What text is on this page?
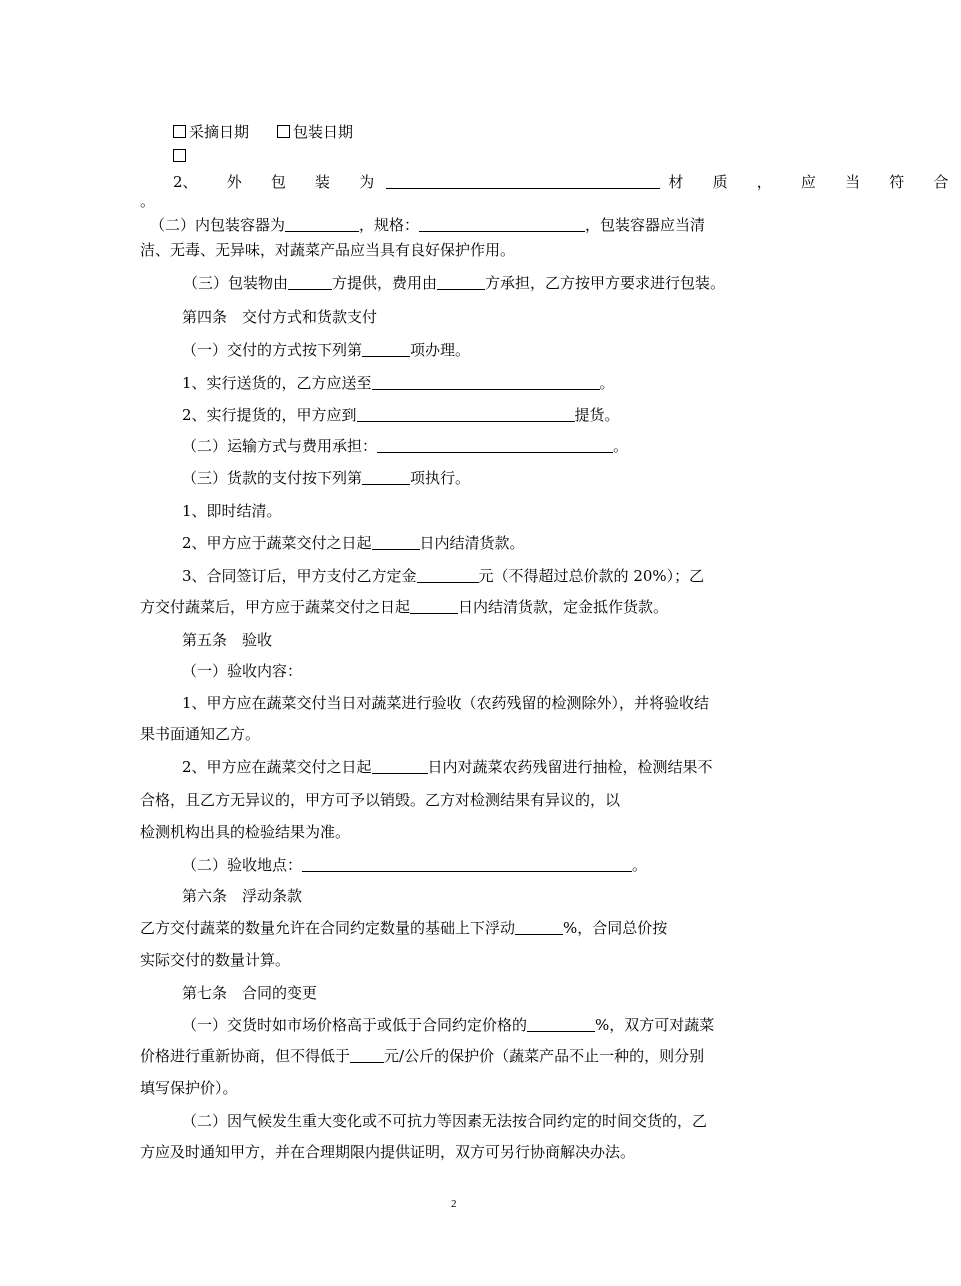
采摘日期	包装日期
2、 外 包 装 为	材 质 ， 应 当 符 合
。
（二）内包装容器为	，规格：	，包装容器应当清
洁、无毒、无异味，对蔬菜产品应当具有良好保护作用。
（三）包装物由	方提供，费用由	方承担，乙方按甲方要求进行包装。
第四条　交付方式和货款支付
（一）交付的方式按下列第	项办理。
1、实行送货的，乙方应送至	。
2、实行提货的，甲方应到	提货。
（二）运输方式与费用承担：	。
（三）货款的支付按下列第	项执行。
1、即时结清。
2、甲方应于蔬菜交付之日起	日内结清货款。
3、合同签订后，甲方支付乙方定金	元（不得超过总价款的 20%）；乙
方交付蔬菜后，甲方应于蔬菜交付之日起	日内结清货款，定金抵作货款。
第五条　验收
（一）验收内容：
1、甲方应在蔬菜交付当日对蔬菜进行验收（农药残留的检测除外），并将验收结
果书面通知乙方。
2、甲方应在蔬菜交付之日起	日内对蔬菜农药残留进行抽检，检测结果不
合格，且乙方无异议的，甲方可予以销毁。乙方对检测结果有异议的，以
检测机构出具的检验结果为准。
（二）验收地点：	。
第六条　浮动条款
乙方交付蔬菜的数量允许在合同约定数量的基础上下浮动	%，合同总价按
实际交付的数量计算。
第七条　合同的变更
（一）交货时如市场价格高于或低于合同约定价格的	%，双方可对蔬菜
价格进行重新协商，但不得低于 元/公斤的保护价（蔬菜产品不止一种的，则分别
填写保护价）。
（二）因气候发生重大变化或不可抗力等因素无法按合同约定的时间交货的，乙
方应及时通知甲方，并在合理期限内提供证明，双方可另行协商解决办法。
2
